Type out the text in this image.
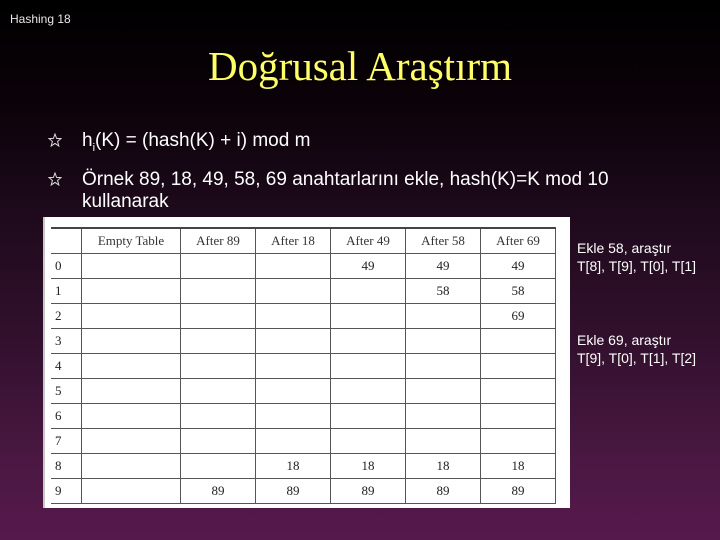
Hashing 18
Doğrusal Araştırm
$h_i(K)$ = (hash(K) + i) mod m
Örnek 89, 18, 49, 58, 69 anahtarlarını ekle, hash(K)=K mod 10 kullanarak
	Empty Table	After 89	After 18	After 49	After 58	After 69
0				49	49	49
1					58	58
2						69
3						
4						
5						
6						
7						
8			18	18	18	18
9		89	89	89	89	89
Ekle 58, araştır
T[8], T[9], T[0], T[1]
Ekle 69, araştır
T[9], T[0], T[1], T[2]
